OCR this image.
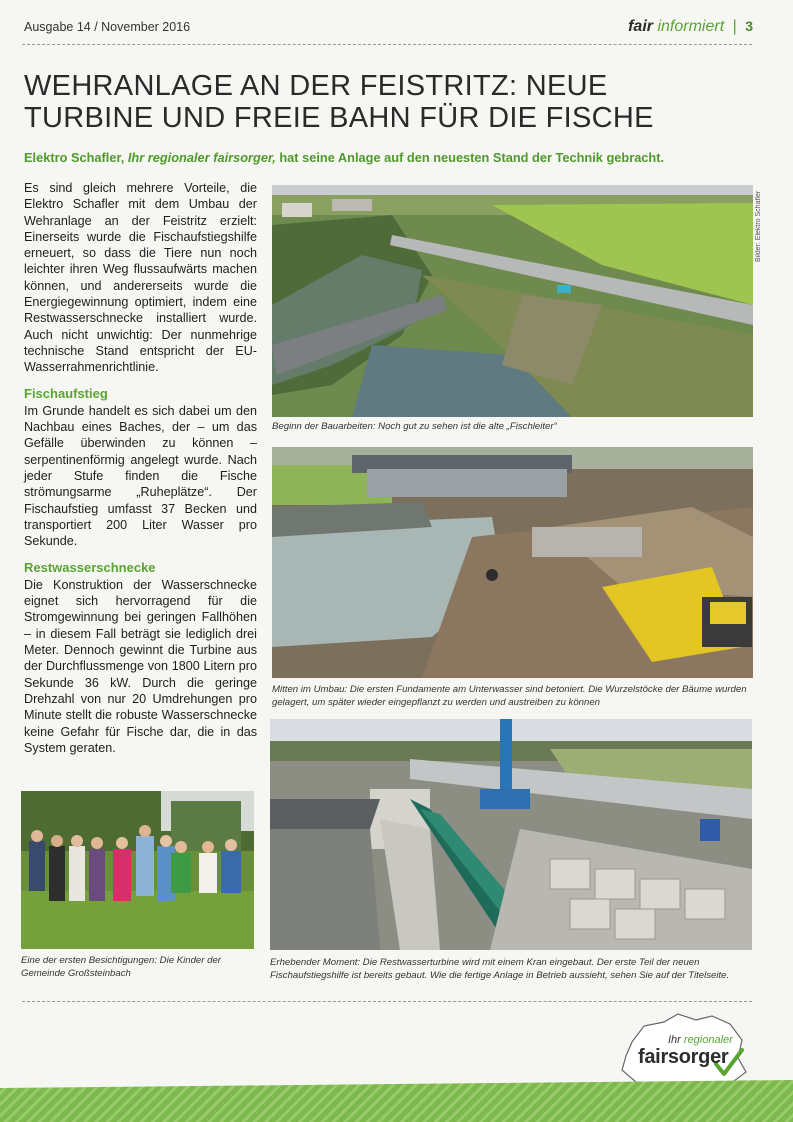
Ausgabe 14 / November 2016	fair informiert | 3
WEHRANLAGE AN DER FEISTRITZ: NEUE TURBINE UND FREIE BAHN FÜR DIE FISCHE
Elektro Schafler, Ihr regionaler fairsorger, hat seine Anlage auf den neuesten Stand der Technik gebracht.

Es sind gleich mehrere Vorteile, die Elektro Schafler mit dem Umbau der Wehranlage an der Feistritz erzielt: Einerseits wurde die Fischaufstiegshilfe erneuert, so dass die Tiere nun noch leichter ihren Weg flussaufwärts machen können, und andererseits wurde die Energiegewinnung optimiert, indem eine Restwasserschnecke installiert wurde. Auch nicht unwichtig: Der nunmehrige technische Stand entspricht der EU-Wasserrahmenrichtlinie.

Fischaufstieg

Im Grunde handelt es sich dabei um den Nachbau eines Baches, der – um das Gefälle überwinden zu können – serpentinenförmig angelegt wurde. Nach jeder Stufe finden die Fische strömungsarme „Ruheplätze“. Der Fischaufstieg umfasst 37 Becken und transportiert 200 Liter Wasser pro Sekunde.

Restwasserschnecke

Die Konstruktion der Wasserschnecke eignet sich hervorragend für die Stromgewinnung bei geringen Fallhöhen – in diesem Fall beträgt sie lediglich drei Meter. Dennoch gewinnt die Turbine aus der Durchflussmenge von 1800 Litern pro Sekunde 36 kW. Durch die geringe Drehzahl von nur 20 Umdrehungen pro Minute stellt die robuste Wasserschnecke keine Gefahr für Fische dar, die in das System geraten.

Bilder: Elektro Schafler
Beginn der Bauarbeiten: Noch gut zu sehen ist die alte „Fischleiter“
Mitten im Umbau: Die ersten Fundamente am Unterwasser sind betoniert. Die Wurzelstöcke der Bäume wurden gelagert, um später wieder eingepflanzt zu werden und austreiben zu können
Erhebender Moment: Die Restwasserturbine wird mit einem Kran eingebaut. Der erste Teil der neuen Fischaufstiegshilfe ist bereits gebaut. Wie die fertige Anlage in Betrieb aussieht, sehen Sie auf der Titelseite.
Eine der ersten Besichtigungen: Die Kinder der Gemeinde Großsteinbach
Ihr regionaler
fairsorger
